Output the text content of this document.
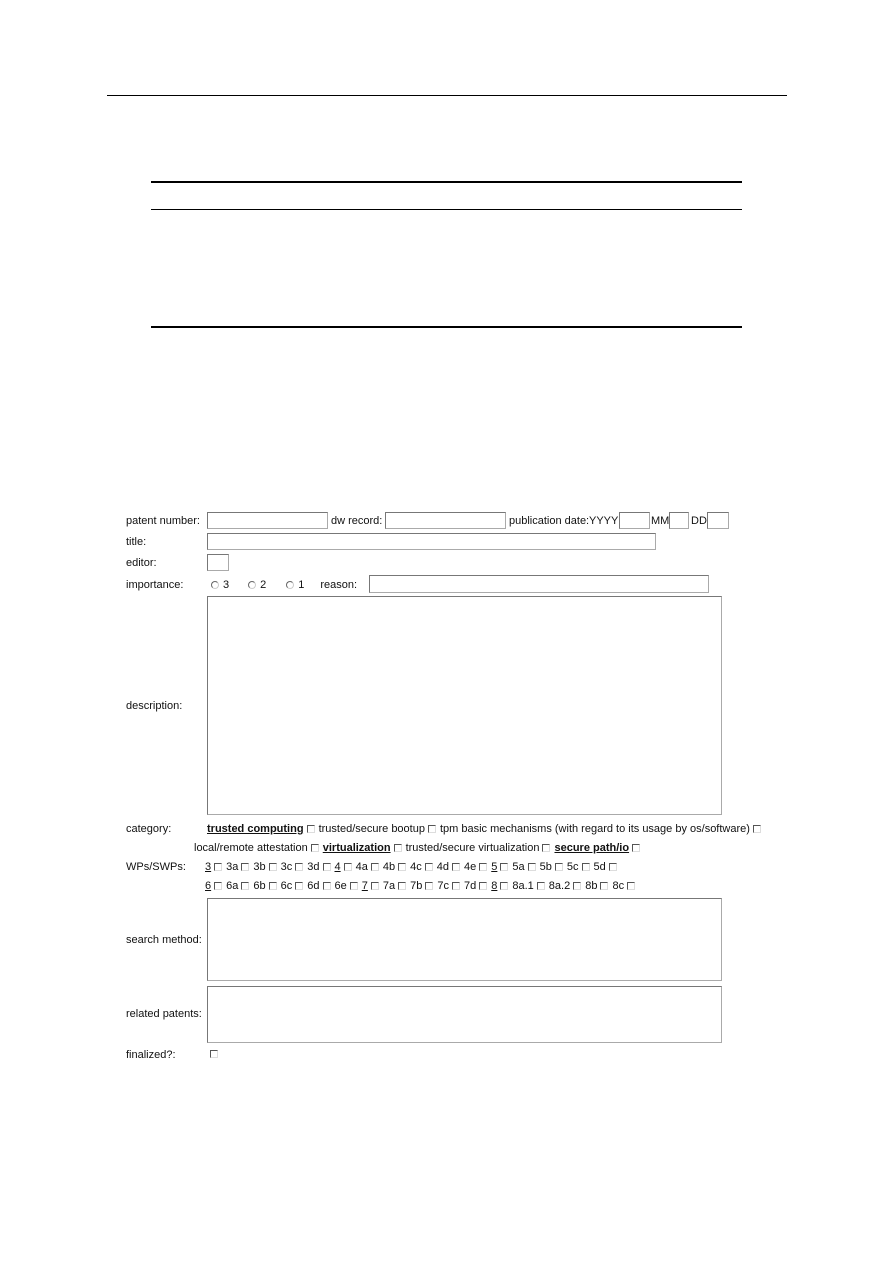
patent number:	dw record:	publication date: YYYY	MM DD
title:
editor:
importance:	3	2	1 reason:
description:
category:	trusted computing trusted/secure bootup tpm basic mechanisms (with regard to its usage by os/software)
local/remote attestation virtualization trusted/secure virtualization secure path/io
WPs/SWPs: 3 3a 3b 3c 3d 4 4a 4b 4c 4d 4e 5 5a 5b 5c 5d
6 6a 6b 6c 6d 6e 7 7a 7b 7c 7d 8 8a.1 8a.2 8b 8c
search method:
related patents:
finalized?:
